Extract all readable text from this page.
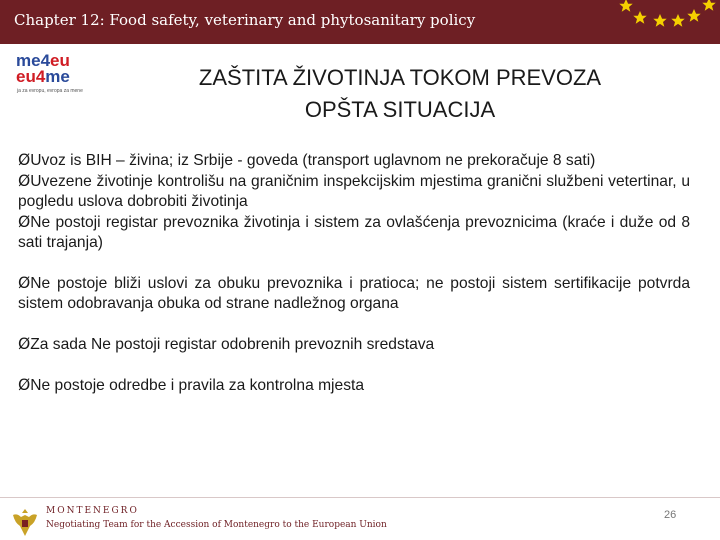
Chapter 12: Food safety, veterinary and phytosanitary policy
me4eu
eu4me
ja za evropu, evropa za mene
ZAŠTITA ŽIVOTINJA TOKOM PREVOZA
OPŠTA SITUACIJA

ØUvoz is BIH – živina; iz Srbije - goveda (transport uglavnom ne prekoračuje 8 sati)

ØUvezene životinje kontrolišu na graničnim inspekcijskim mjestima granični službeni vetertinar, u pogledu uslova dobrobiti životinja

ØNe postoji registar prevoznika životinja i sistem za ovlašćenja prevoznicima (kraće i duže od 8 sati trajanja)

ØNe postoje bliži uslovi za obuku prevoznika i pratioca; ne postoji sistem sertifikacije potvrda sistem odobravanja obuka od strane nadležnog organa

ØZa sada Ne postoji registar odobrenih prevoznih sredstava

ØNe postoje odredbe i pravila za kontrolna mjesta

MONTENEGRO
Negotiating Team for the Accession of Montenegro to the European Union
26
